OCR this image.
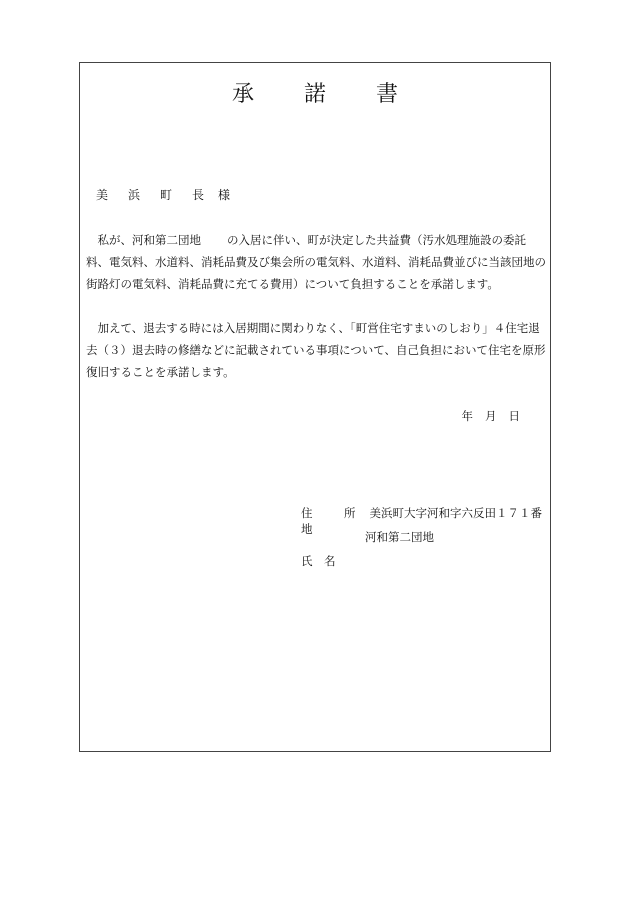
承　諾　書
美　浜　町　長 様

私が、河和第二団地 の入居に伴い、町が決定した共益費（汚水処理施設の委託料、電気料、水道料、消耗品費及び集会所の電気料、水道料、消耗品費並びに当該団地の街路灯の電気料、消耗品費に充てる費用）について負担することを承諾します。

加えて、退去する時には入居期間に関わりなく、「町営住宅すまいのしおり」４住宅退去（３）退去時の修繕などに記載されている事項について、自己負担において住宅を原形復旧することを承諾します。

年 月 日
住　所 美浜町大字河和字六反田１７１番地
河和第二団地
氏　名
